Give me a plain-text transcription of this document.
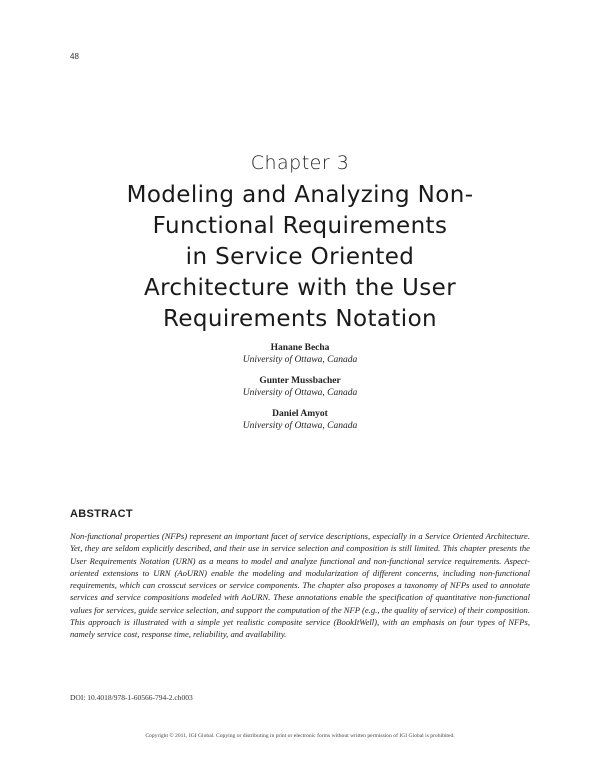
48
Chapter 3
Modeling and Analyzing Non-
Functional Requirements
in Service Oriented
Architecture with the User
Requirements Notation
Hanane Becha
University of Ottawa, Canada
Gunter Mussbacher
University of Ottawa, Canada
Daniel Amyot
University of Ottawa, Canada
ABSTRACT

Non-functional properties (NFPs) represent an important facet of service descriptions, especially in a Service Oriented Architecture. Yet, they are seldom explicitly described, and their use in service selection and composition is still limited. This chapter presents the User Requirements Notation (URN) as a means to model and analyze functional and non-functional service requirements. Aspect-oriented extensions to URN (AoURN) enable the modeling and modularization of different concerns, including non-functional requirements, which can crosscut services or service components. The chapter also proposes a taxonomy of NFPs used to annotate services and service compositions modeled with AoURN. These annotations enable the specification of quantitative non-functional values for services, guide service selection, and support the computation of the NFP (e.g., the quality of service) of their composition. This approach is illustrated with a simple yet realistic composite service (BookItWell), with an emphasis on four types of NFPs, namely service cost, response time, reliability, and availability.

DOI: 10.4018/978-1-60566-794-2.ch003
Copyright © 2011, IGI Global. Copying or distributing in print or electronic forms without written permission of IGI Global is prohibited.
